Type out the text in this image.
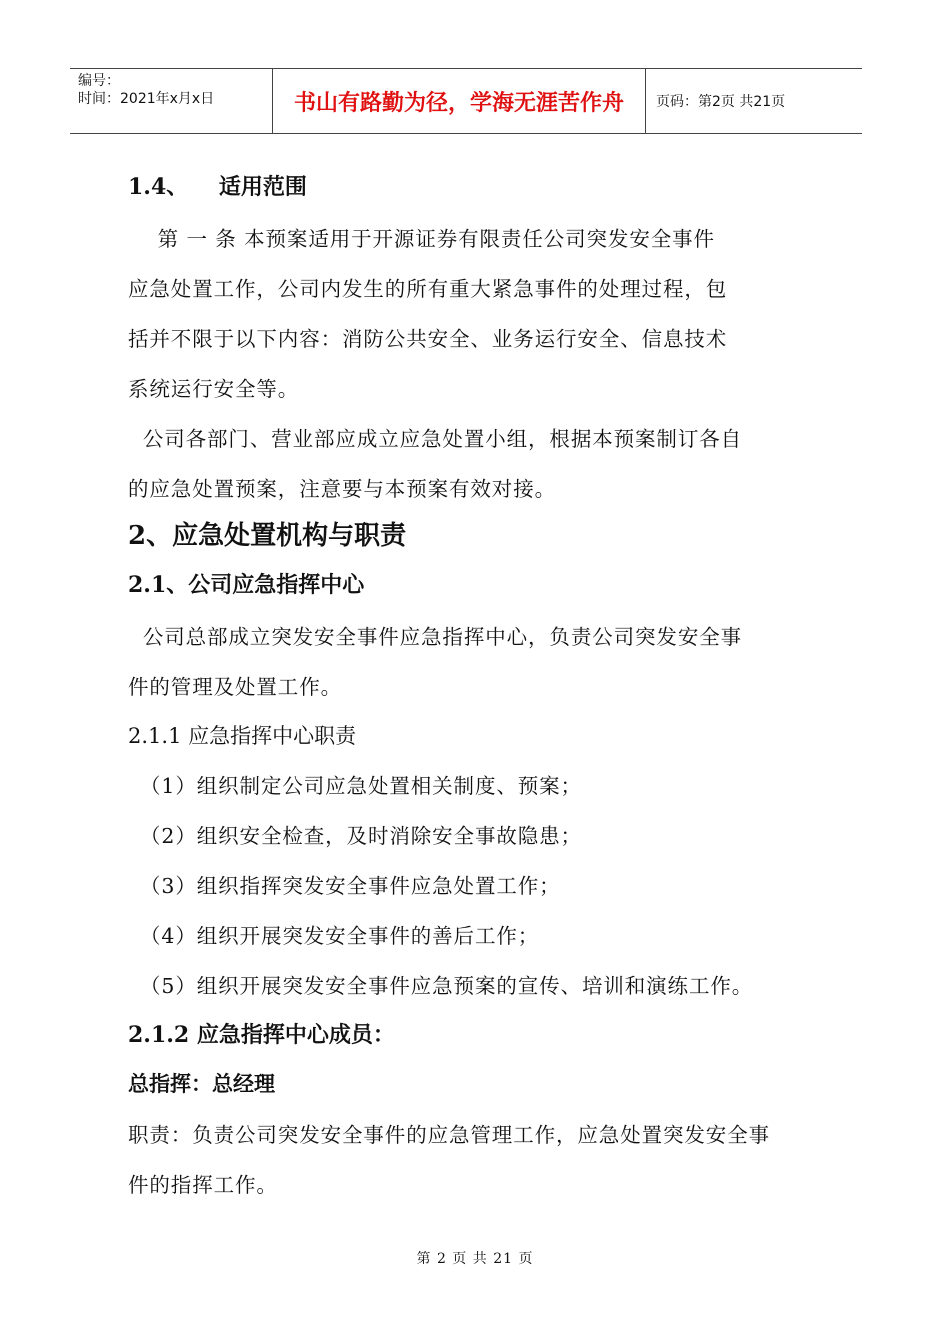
编号：
时间：2021年x月x日	书山有路勤为径，学海无涯苦作舟	页码：第2页 共21页

1.4、    适用范围

第 一 条 本预案适用于开源证券有限责任公司突发安全事件

应急处置工作，公司内发生的所有重大紧急事件的处理过程，包

括并不限于以下内容：消防公共安全、业务运行安全、信息技术

系统运行安全等。

公司各部门、营业部应成立应急处置小组，根据本预案制订各自

的应急处置预案，注意要与本预案有效对接。

2、应急处置机构与职责

2.1、公司应急指挥中心

公司总部成立突发安全事件应急指挥中心，负责公司突发安全事

件的管理及处置工作。

2.1.1 应急指挥中心职责

（1）组织制定公司应急处置相关制度、预案；

（2）组织安全检查，及时消除安全事故隐患；

（3）组织指挥突发安全事件应急处置工作；

（4）组织开展突发安全事件的善后工作；

（5）组织开展突发安全事件应急预案的宣传、培训和演练工作。

2.1.2 应急指挥中心成员：

总指挥：总经理

职责：负责公司突发安全事件的应急管理工作，应急处置突发安全事

件的指挥工作。

第 2 页 共 21 页
